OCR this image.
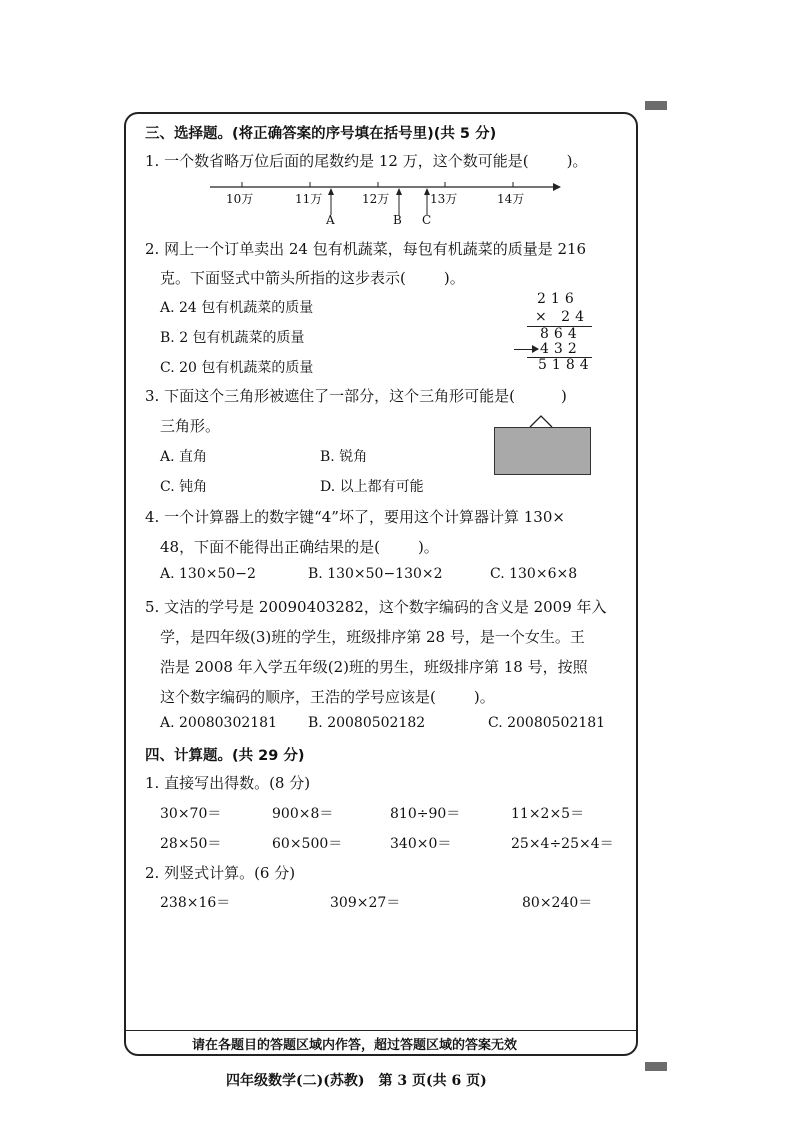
三、选择题。(将正确答案的序号填在括号里)(共 5 分)
1. 一个数省略万位后面的尾数约是 12 万，这个数可能是(	)。
10万	11万	12万	13万	14万
A	B C
2. 网上一个订单卖出 24 包有机蔬菜，每包有机蔬菜的质量是 216
克。下面竖式中箭头所指的这步表示(	)。
A. 24 包有机蔬菜的质量
B. 2 包有机蔬菜的质量
C. 20 包有机蔬菜的质量
216
× 24
864
432
5184
3. 下面这个三角形被遮住了一部分，这个三角形可能是(	)
三角形。
A. 直角	B. 锐角
C. 钝角	D. 以上都有可能
4. 一个计算器上的数字键“4”坏了，要用这个计算器计算 130×
48，下面不能得出正确结果的是(	)。
A. 130×50−2	B. 130×50−130×2	C. 130×6×8
5. 文洁的学号是 20090403282，这个数字编码的含义是 2009 年入
学，是四年级(3)班的学生，班级排序第 28 号，是一个女生。王
浩是 2008 年入学五年级(2)班的男生，班级排序第 18 号，按照
这个数字编码的顺序，王浩的学号应该是(	)。
A. 20080302181 B. 20080502182	C. 20080502181
四、计算题。(共 29 分)
1. 直接写出得数。(8 分)
30×70＝	900×8＝	810÷90＝	11×2×5＝
28×50＝	60×500＝	340×0＝	25×4÷25×4＝
2. 列竖式计算。(6 分)
238×16＝	309×27＝	80×240＝
请在各题目的答题区域内作答，超过答题区域的答案无效
四年级数学(二)(苏教)　第 3 页(共 6 页)
